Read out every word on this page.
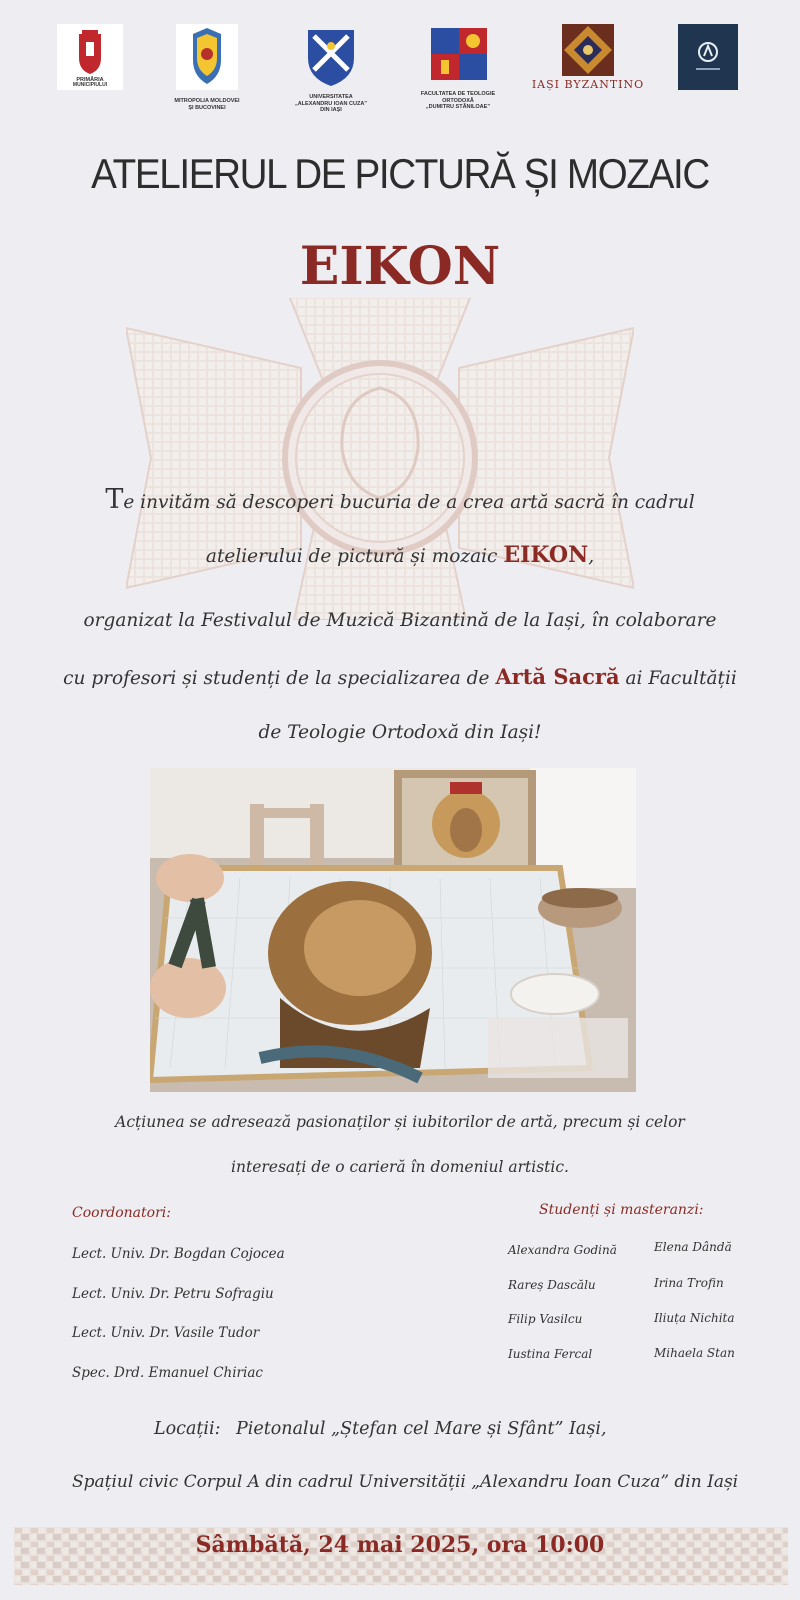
PRIMĂRIA
MUNICIPIULUI
MITROPOLIA MOLDOVEI
ȘI BUCOVINEI
UNIVERSITATEA
„ALEXANDRU IOAN CUZA”
DIN IAȘI
FACULTATEA DE TEOLOGIE
ORTODOXĂ
„DUMITRU STĂNILOAE”
IAȘI BYZANTINO
ATELIERUL DE PICTURĂ ȘI MOZAIC
EIKON
Te invităm să descoperi bucuria de a crea artă sacră în cadrul
atelierului de pictură și mozaic EIKON,
organizat la Festivalul de Muzică Bizantină de la Iași, în colaborare
cu profesori și studenți de la specializarea de Artă Sacră ai Facultății
de Teologie Ortodoxă din Iași!
Acțiunea se adresează pasionaților și iubitorilor de artă, precum și celor
interesați de o carieră în domeniul artistic.
Coordonatori:
Lect. Univ. Dr. Bogdan Cojocea
Lect. Univ. Dr. Petru Sofragiu
Lect. Univ. Dr. Vasile Tudor
Spec. Drd. Emanuel Chiriac
Studenți și masteranzi:
Alexandra Godină
Rareș Dascălu
Filip Vasilcu
Iustina Fercal
Elena Dândă
Irina Trofin
Iliuța Nichita
Mihaela Stan
Locații: Pietonalul „Ștefan cel Mare și Sfânt” Iași,
Spațiul civic Corpul A din cadrul Universității „Alexandru Ioan Cuza” din Iași
Sâmbătă, 24 mai 2025, ora 10:00
